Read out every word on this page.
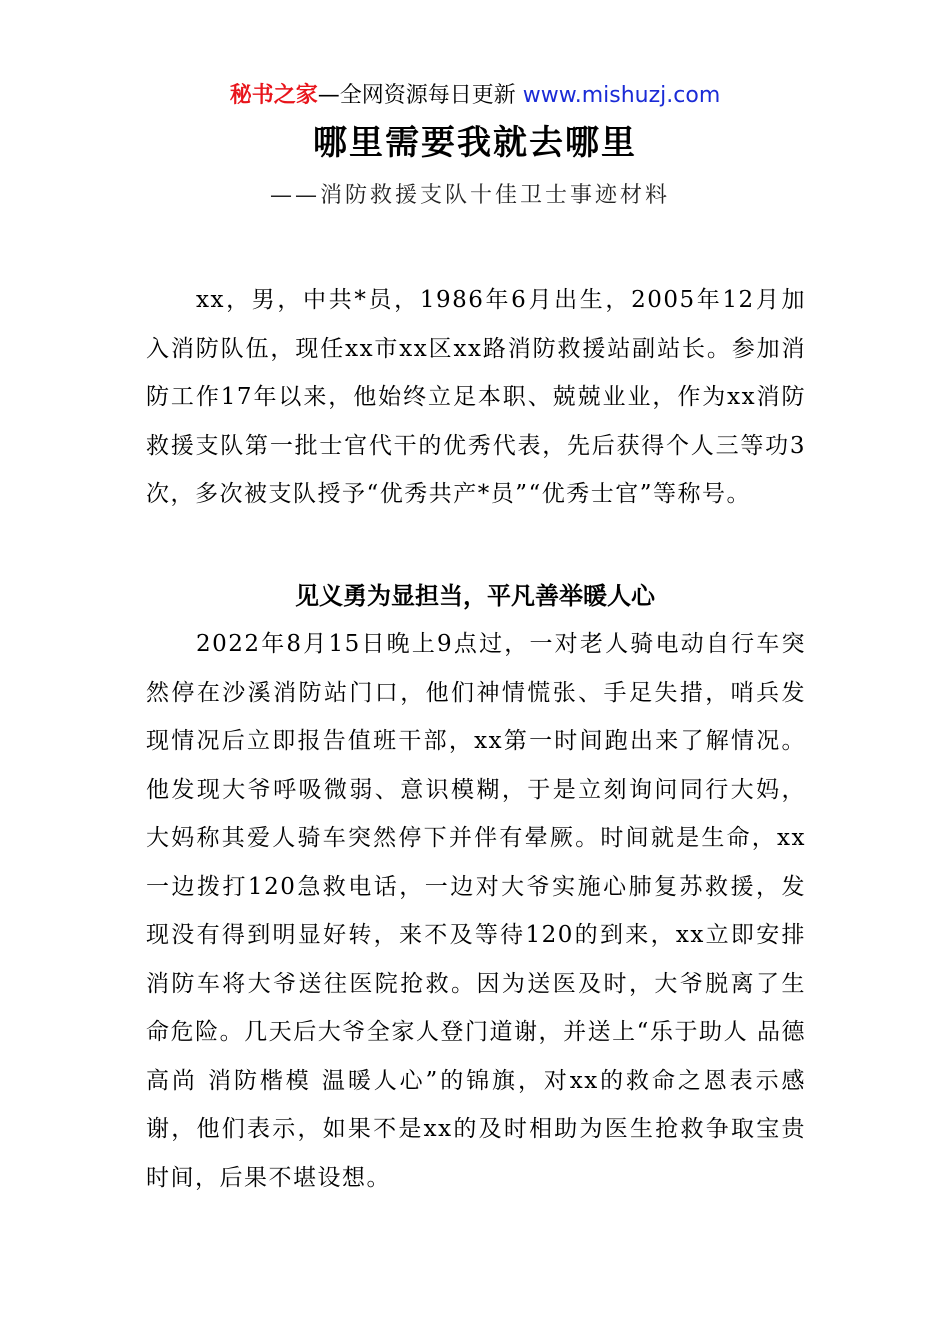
秘书之家—全网资源每日更新 www.mishuzj.com
哪里需要我就去哪里
——消防救援支队十佳卫士事迹材料

xx，男，中共*员，1986年6月出生，2005年12月加入消防队伍，现任xx市xx区xx路消防救援站副站长。参加消防工作17年以来，他始终立足本职、兢兢业业，作为xx消防救援支队第一批士官代干的优秀代表，先后获得个人三等功3次，多次被支队授予“优秀共产*员”“优秀士官”等称号。

见义勇为显担当，平凡善举暖人心

2022年8月15日晚上9点过，一对老人骑电动自行车突然停在沙溪消防站门口，他们神情慌张、手足失措，哨兵发现情况后立即报告值班干部，xx第一时间跑出来了解情况。他发现大爷呼吸微弱、意识模糊，于是立刻询问同行大妈，大妈称其爱人骑车突然停下并伴有晕厥。时间就是生命，xx一边拨打120急救电话，一边对大爷实施心肺复苏救援，发现没有得到明显好转，来不及等待120的到来，xx立即安排消防车将大爷送往医院抢救。因为送医及时，大爷脱离了生命危险。几天后大爷全家人登门道谢，并送上“乐于助人 品德高尚 消防楷模 温暖人心”的锦旗，对xx的救命之恩表示感谢，他们表示，如果不是xx的及时相助为医生抢救争取宝贵时间，后果不堪设想。
